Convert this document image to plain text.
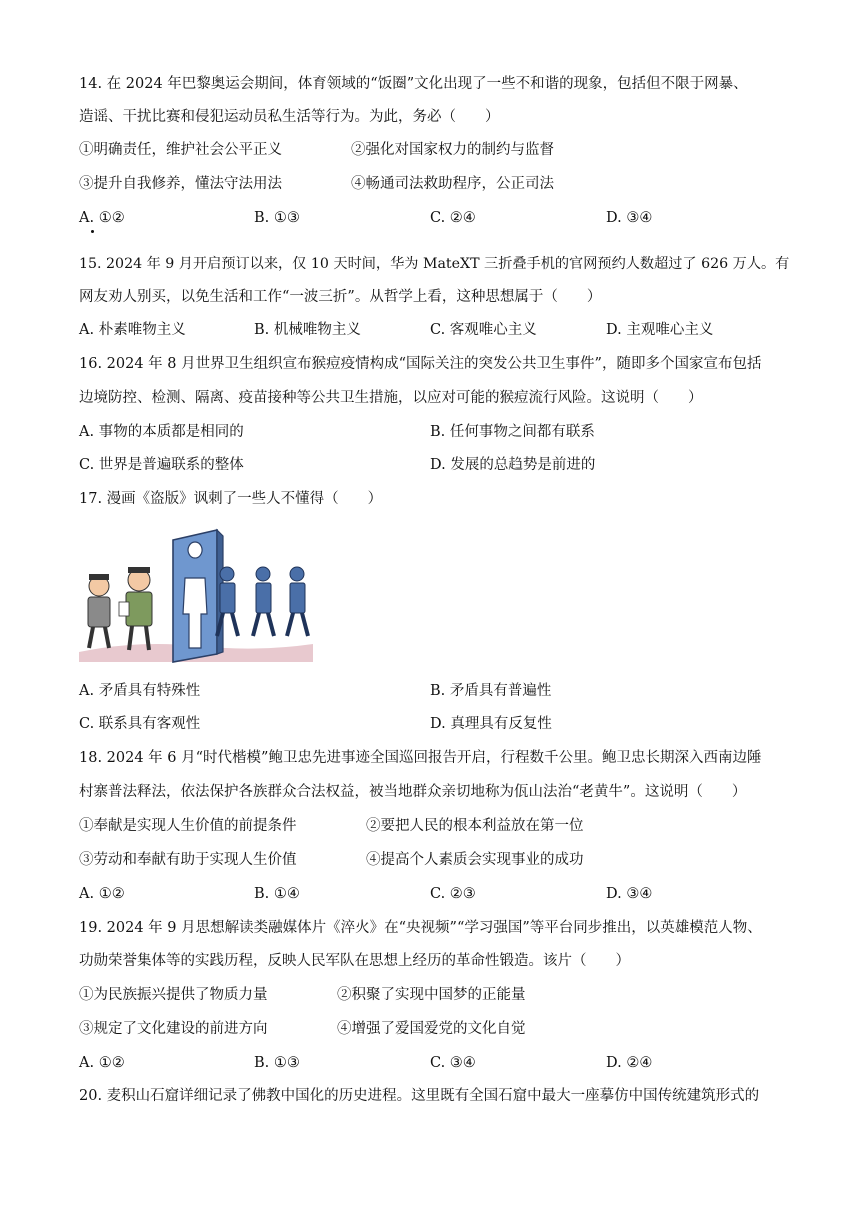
14. 在 2024 年巴黎奥运会期间，体育领域的“饭圈”文化出现了一些不和谐的现象，包括但不限于网暴、
造谣、干扰比赛和侵犯运动员私生活等行为。为此，务必（　　）
①明确责任，维护社会公平正义	②强化对国家权力的制约与监督
③提升自我修养，懂法守法用法	④畅通司法救助程序，公正司法
A. ①②	B. ①③	C. ②④	D. ③④
15. 2024 年 9 月开启预订以来，仅 10 天时间，华为 MateXT 三折叠手机的官网预约人数超过了 626 万人。有
网友劝人别买，以免生活和工作“一波三折”。从哲学上看，这种思想属于（　　）
A. 朴素唯物主义	B. 机械唯物主义	C. 客观唯心主义	D. 主观唯心主义
16. 2024 年 8 月世界卫生组织宣布猴痘疫情构成“国际关注的突发公共卫生事件”，随即多个国家宣布包括
边境防控、检测、隔离、疫苗接种等公共卫生措施，以应对可能的猴痘流行风险。这说明（　　）
A. 事物的本质都是相同的	B. 任何事物之间都有联系
C. 世界是普遍联系的整体	D. 发展的总趋势是前进的
17. 漫画《盗版》讽刺了一些人不懂得（　　）
A. 矛盾具有特殊性	B. 矛盾具有普遍性
C. 联系具有客观性	D. 真理具有反复性
18. 2024 年 6 月“时代楷模”鲍卫忠先进事迹全国巡回报告开启，行程数千公里。鲍卫忠长期深入西南边陲
村寨普法释法，依法保护各族群众合法权益，被当地群众亲切地称为佤山法治“老黄牛”。这说明（　　）
①奉献是实现人生价值的前提条件	②要把人民的根本利益放在第一位
③劳动和奉献有助于实现人生价值	④提高个人素质会实现事业的成功
A. ①②	B. ①④	C. ②③	D. ③④
19. 2024 年 9 月思想解读类融媒体片《淬火》在“央视频”“学习强国”等平台同步推出，以英雄模范人物、
功勋荣誉集体等的实践历程，反映人民军队在思想上经历的革命性锻造。该片（　　）
①为民族振兴提供了物质力量	②积聚了实现中国梦的正能量
③规定了文化建设的前进方向	④增强了爱国爱党的文化自觉
A. ①②	B. ①③	C. ③④	D. ②④
20. 麦积山石窟详细记录了佛教中国化的历史进程。这里既有全国石窟中最大一座摹仿中国传统建筑形式的
